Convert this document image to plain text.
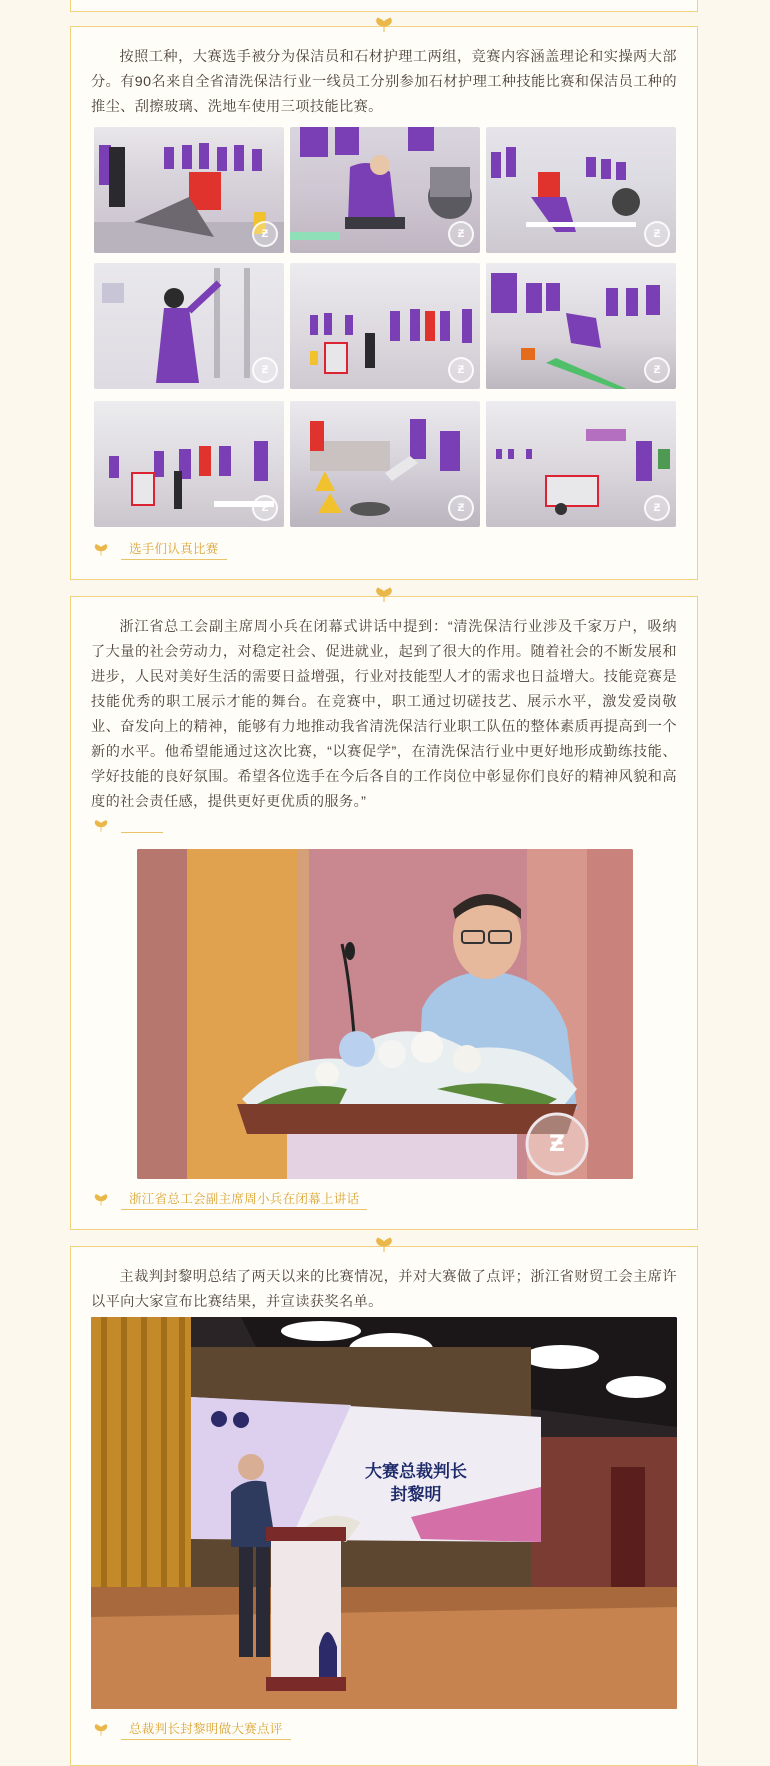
按照工种，大赛选手被分为保洁员和石材护理工两组，竞赛内容涵盖理论和实操两大部分。有90名来自全省清洗保洁行业一线员工分别参加石材护理工种技能比赛和保洁员工种的推尘、刮擦玻璃、洗地车使用三项技能比赛。

Ƶ	Ƶ	Ƶ
Ƶ	Ƶ	Ƶ
Ƶ	Ƶ	Ƶ
选手们认真比赛

浙江省总工会副主席周小兵在闭幕式讲话中提到：“清洗保洁行业涉及千家万户，吸纳了大量的社会劳动力，对稳定社会、促进就业，起到了很大的作用。随着社会的不断发展和进步，人民对美好生活的需要日益增强，行业对技能型人才的需求也日益增大。技能竞赛是技能优秀的职工展示才能的舞台。在竞赛中，职工通过切磋技艺、展示水平，激发爱岗敬业、奋发向上的精神，能够有力地推动我省清洗保洁行业职工队伍的整体素质再提高到一个新的水平。他希望能通过这次比赛，“以赛促学”，在清洗保洁行业中更好地形成勤练技能、学好技能的良好氛围。希望各位选手在今后各自的工作岗位中彰显你们良好的精神风貌和高度的社会责任感，提供更好更优质的服务。”

Ƶ
浙江省总工会副主席周小兵在闭幕上讲话

主裁判封黎明总结了两天以来的比赛情况，并对大赛做了点评；浙江省财贸工会主席许以平向大家宣布比赛结果，并宣读获奖名单。

大赛总裁判长
封黎明
总裁判长封黎明做大赛点评
